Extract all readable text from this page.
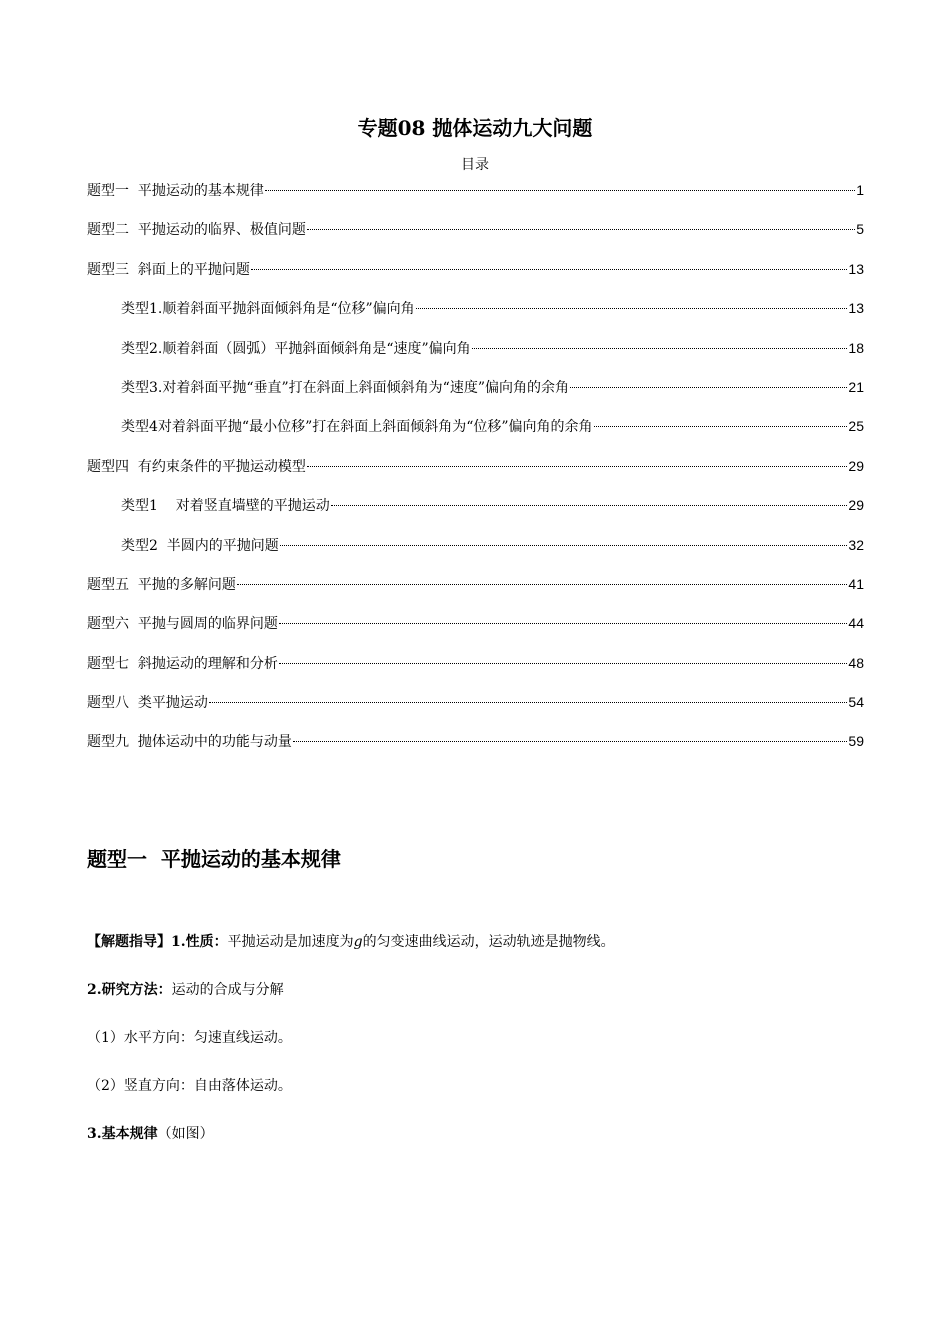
专题08 抛体运动九大问题
目录
题型一  平抛运动的基本规律	1
题型二  平抛运动的临界、极值问题	5
题型三  斜面上的平抛问题	13
类型1.顺着斜面平抛斜面倾斜角是“位移”偏向角	13
类型2.顺着斜面（圆弧）平抛斜面倾斜角是“速度”偏向角	18
类型3.对着斜面平抛“垂直”打在斜面上斜面倾斜角为“速度”偏向角的余角	21
类型4对着斜面平抛“最小位移”打在斜面上斜面倾斜角为“位移”偏向角的余角	25
题型四  有约束条件的平抛运动模型	29
类型1    对着竖直墙壁的平抛运动	29
类型2  半圆内的平抛问题	32
题型五  平抛的多解问题	41
题型六  平抛与圆周的临界问题	44
题型七  斜抛运动的理解和分析	48
题型八  类平抛运动	54
题型九  抛体运动中的功能与动量	59
题型一  平抛运动的基本规律
【解题指导】1.性质：平抛运动是加速度为g的匀变速曲线运动，运动轨迹是抛物线。
2.研究方法：运动的合成与分解
（1）水平方向：匀速直线运动。
（2）竖直方向：自由落体运动。
3.基本规律（如图）
